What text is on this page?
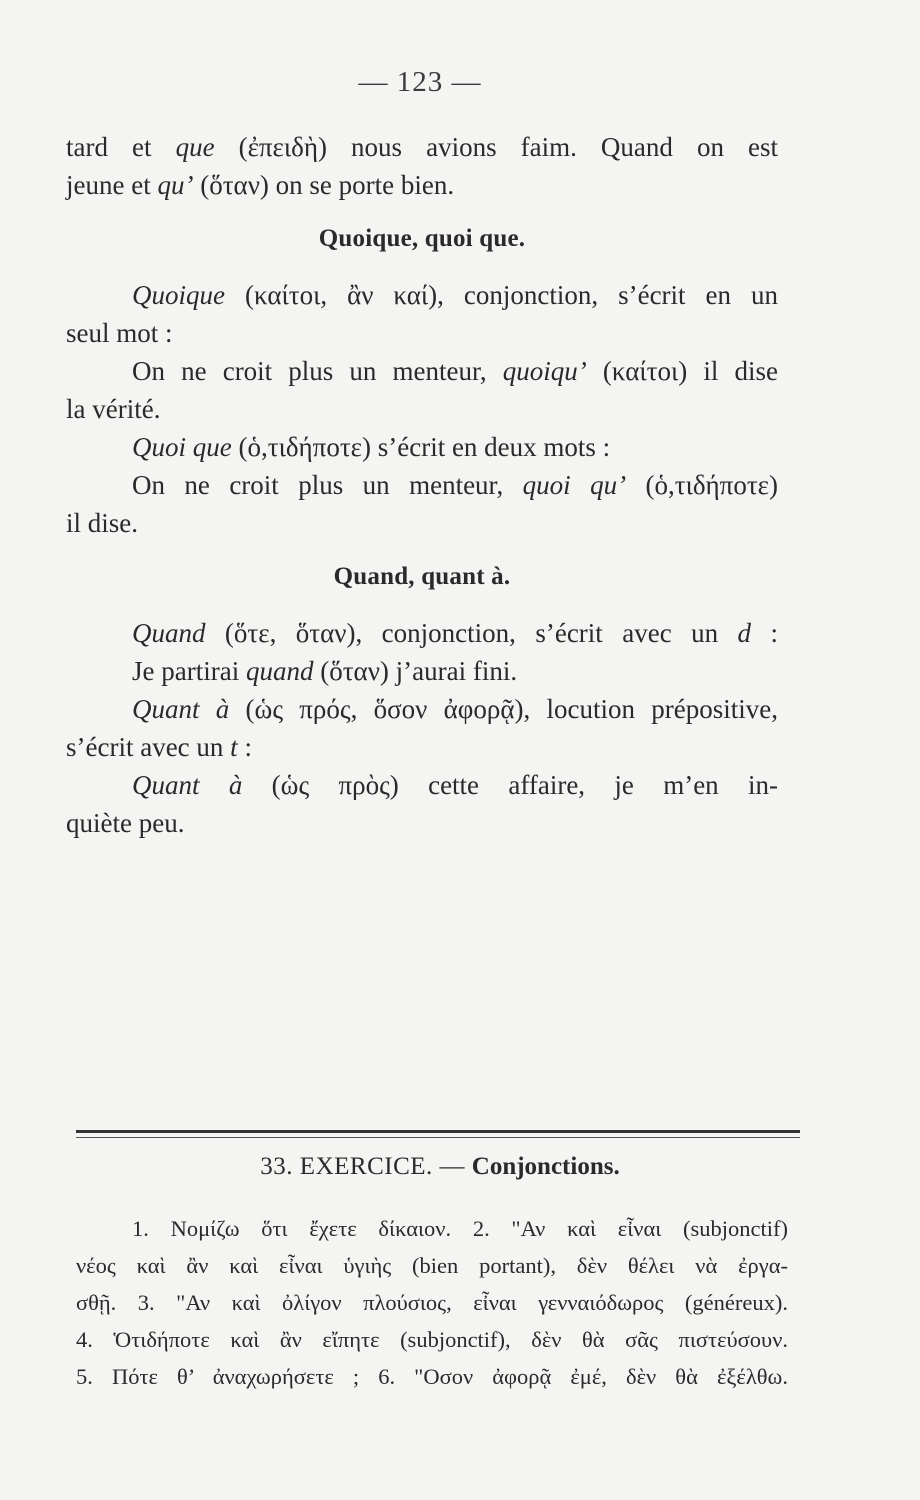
— 123 —
tard et que (ἐπειδὴ) nous avions faim. Quand on est
jeune et qu’ (ὅταν) on se porte bien.
Quoique, quoi que.
Quoique (καίτοι, ἂν καί), conjonction, s’écrit en un
seul mot :
On ne croit plus un menteur, quoiqu’ (καίτοι) il dise
la vérité.
Quoi que (ὁ,τιδήποτε) s’écrit en deux mots :
On ne croit plus un menteur, quoi qu’ (ὁ,τιδήποτε)
il dise.
Quand, quant à.
Quand (ὅτε, ὅταν), conjonction, s’écrit avec un d :
Je partirai quand (ὅταν) j’aurai fini.
Quant à (ὡς πρός, ὅσον ἀφορᾷ), locution prépositive,
s’écrit avec un t :
Quant à (ὡς πρὸς) cette affaire, je m’en in-
quiète peu.
33. EXERCICE. — Conjonctions.
1. Νομίζω ὅτι ἔχετε δίκαιον. 2. "Αν καὶ εἶναι (subjonctif)
νέος καὶ ἂν καὶ εἶναι ὑγιὴς (bien portant), δὲν θέλει νὰ ἐργα-
σθῇ. 3. "Αν καὶ ὀλίγον πλούσιος, εἶναι γενναιόδωρος (généreux).
4. Ὁτιδήποτε καὶ ἂν εἴπητε (subjonctif), δὲν θὰ σᾶς πιστεύσουν.
5. Πότε θ’ ἀναχωρήσετε ; 6. "Οσον ἀφορᾷ ἐμέ, δὲν θὰ ἐξέλθω.
